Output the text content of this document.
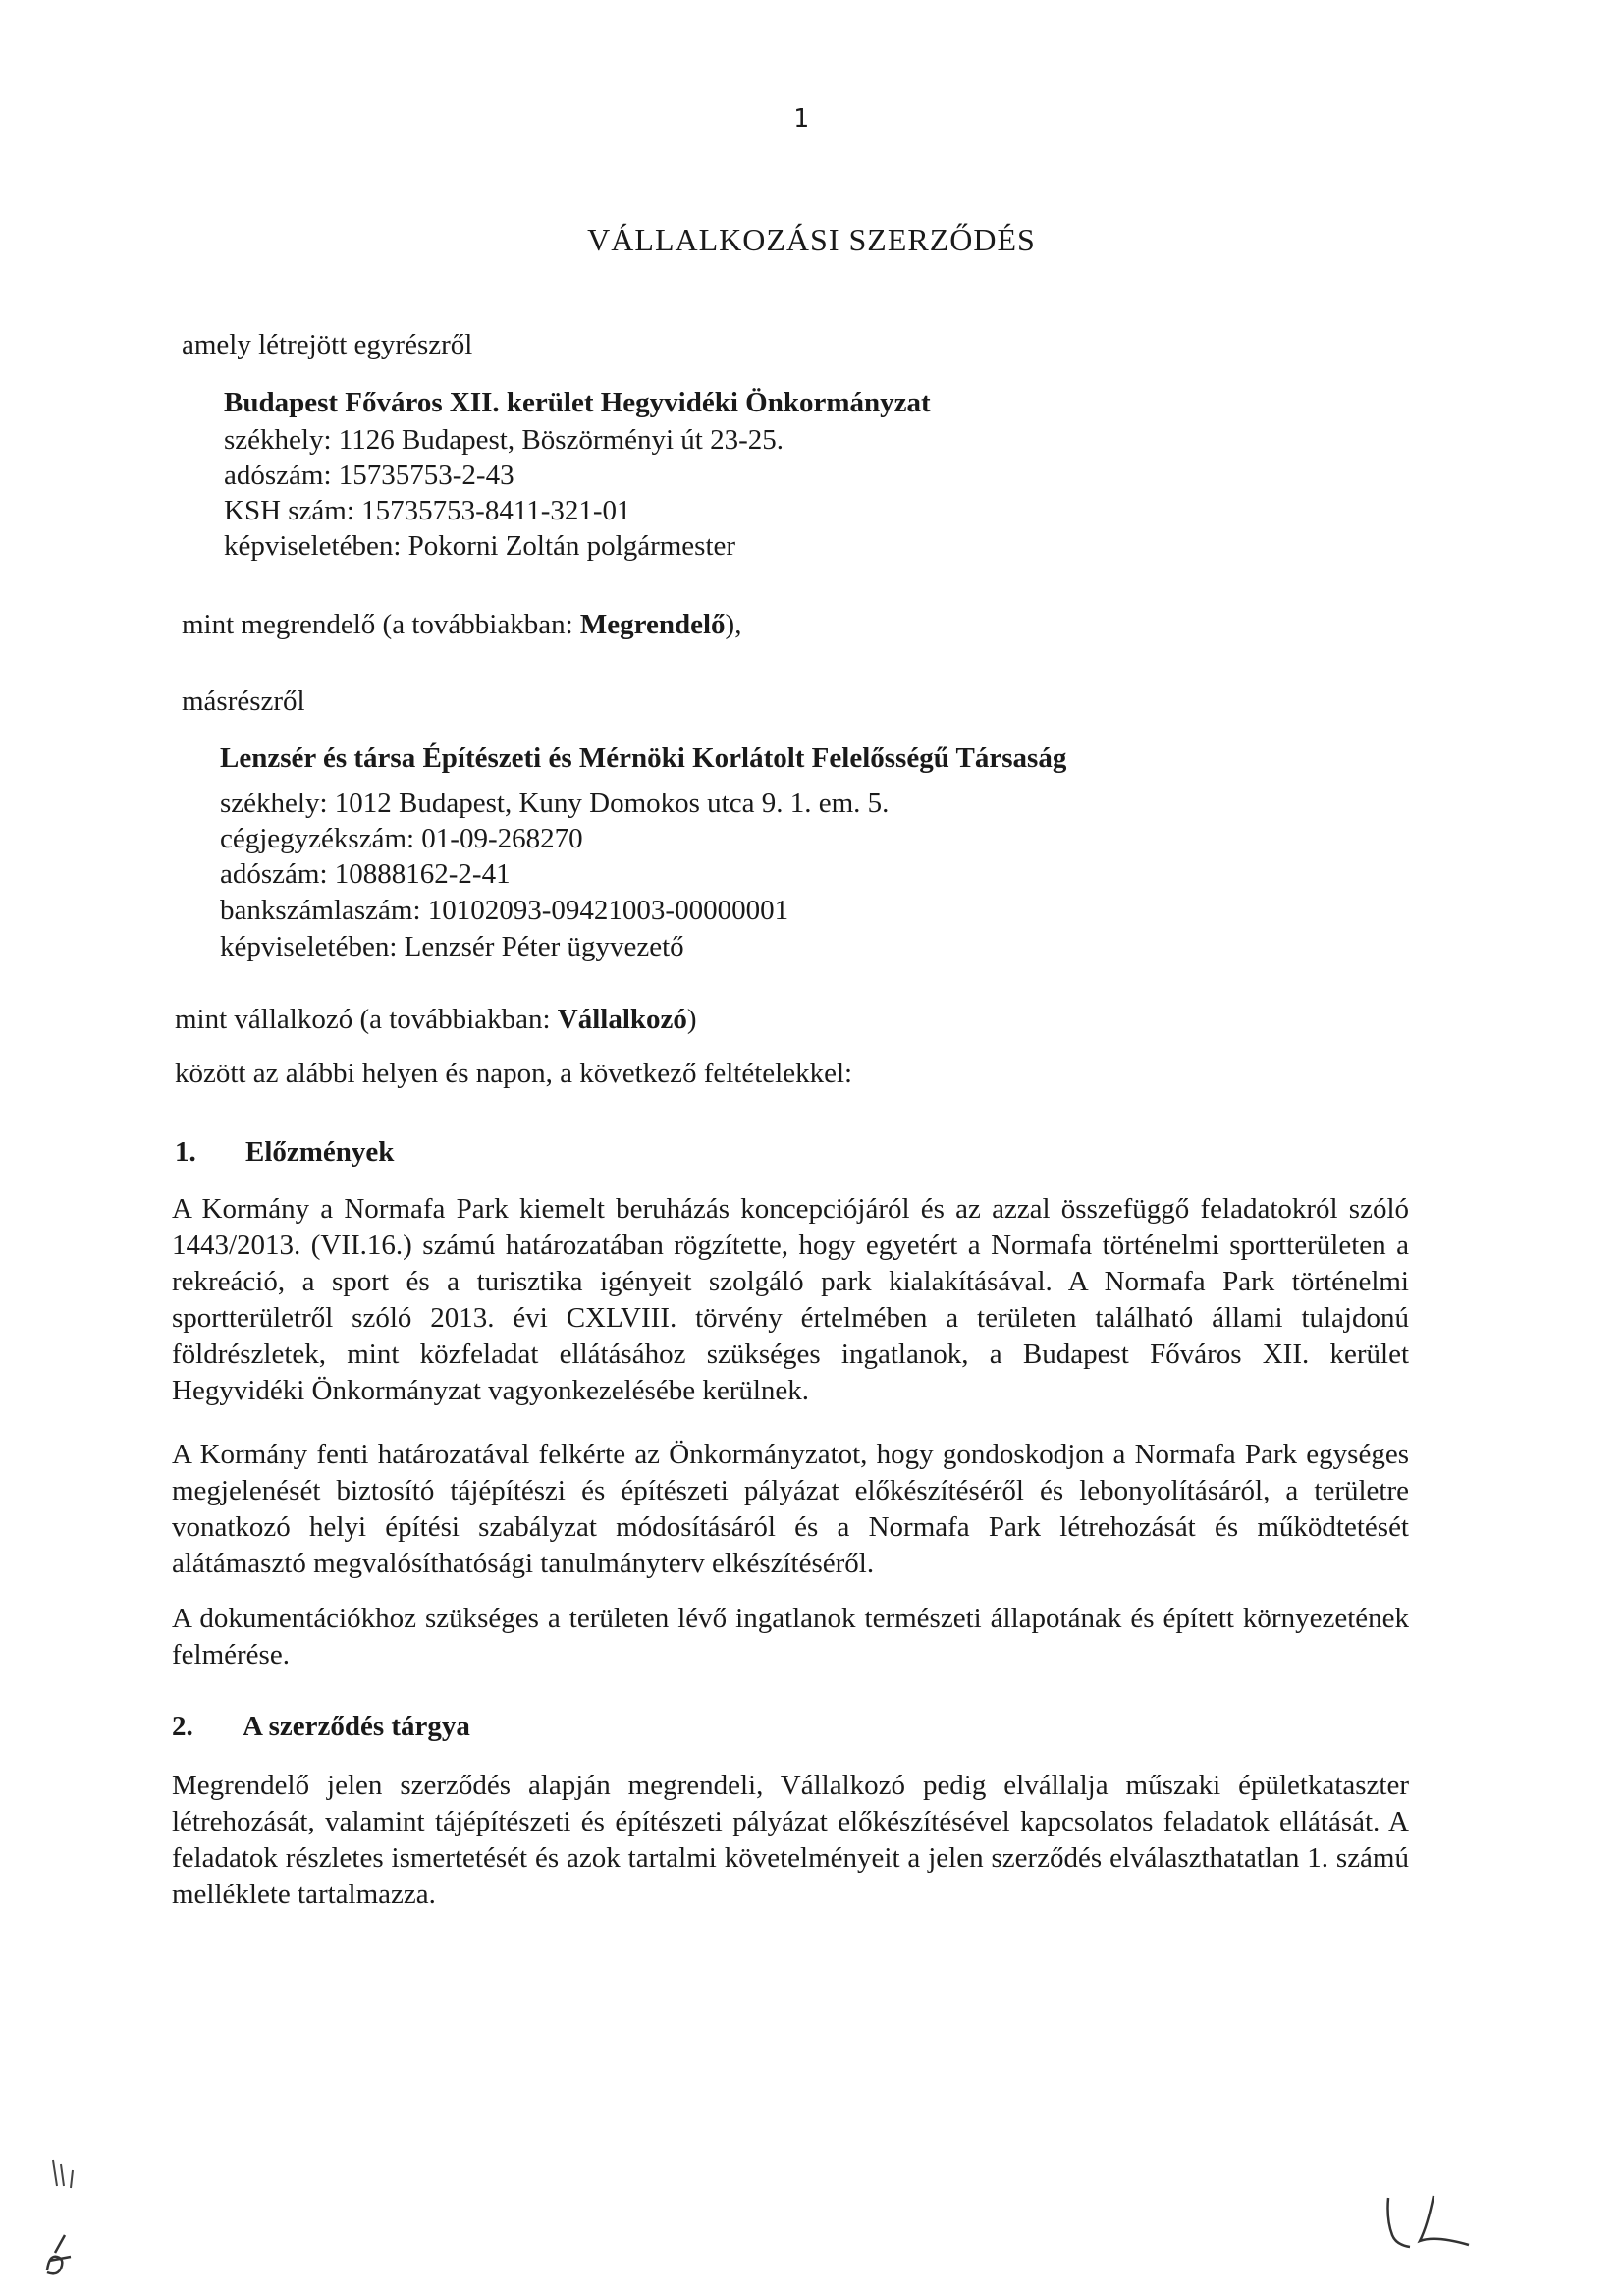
1
VÁLLALKOZÁSI SZERZŐDÉS
amely létrejött egyrészről
Budapest Főváros XII. kerület Hegyvidéki Önkormányzat
székhely: 1126 Budapest, Böszörményi út 23-25.
adószám: 15735753-2-43
KSH szám: 15735753-8411-321-01
képviseletében: Pokorni Zoltán polgármester
mint megrendelő (a továbbiakban: Megrendelő),
másrészről
Lenzsér és társa Építészeti és Mérnöki Korlátolt Felelősségű Társaság
székhely: 1012 Budapest, Kuny Domokos utca 9. 1. em. 5.
cégjegyzékszám: 01-09-268270
adószám: 10888162-2-41
bankszámlaszám: 10102093-09421003-00000001
képviseletében: Lenzsér Péter ügyvezető
mint vállalkozó (a továbbiakban: Vállalkozó)
között az alábbi helyen és napon, a következő feltételekkel:
1. Előzmények

A Kormány a Normafa Park kiemelt beruházás koncepciójáról és az azzal összefüggő feladatokról szóló 1443/2013. (VII.16.) számú határozatában rögzítette, hogy egyetért a Normafa történelmi sportterületen a rekreáció, a sport és a turisztika igényeit szolgáló park kialakításával. A Normafa Park történelmi sportterületről szóló 2013. évi CXLVIII. törvény értelmében a területen található állami tulajdonú földrészletek, mint közfeladat ellátásához szükséges ingatlanok, a Budapest Főváros XII. kerület Hegyvidéki Önkormányzat vagyonkezelésébe kerülnek.

A Kormány fenti határozatával felkérte az Önkormányzatot, hogy gondoskodjon a Normafa Park egységes megjelenését biztosító tájépítészi és építészeti pályázat előkészítéséről és lebonyolításáról, a területre vonatkozó helyi építési szabályzat módosításáról és a Normafa Park létrehozását és működtetését alátámasztó megvalósíthatósági tanulmányterv elkészítéséről.

A dokumentációkhoz szükséges a területen lévő ingatlanok természeti állapotának és épített környezetének felmérése.

2. A szerződés tárgya

Megrendelő jelen szerződés alapján megrendeli, Vállalkozó pedig elvállalja műszaki épületkataszter létrehozását, valamint tájépítészeti és építészeti pályázat előkészítésével kapcsolatos feladatok ellátását. A feladatok részletes ismertetését és azok tartalmi követelményeit a jelen szerződés elválaszthatatlan 1. számú melléklete tartalmazza.
